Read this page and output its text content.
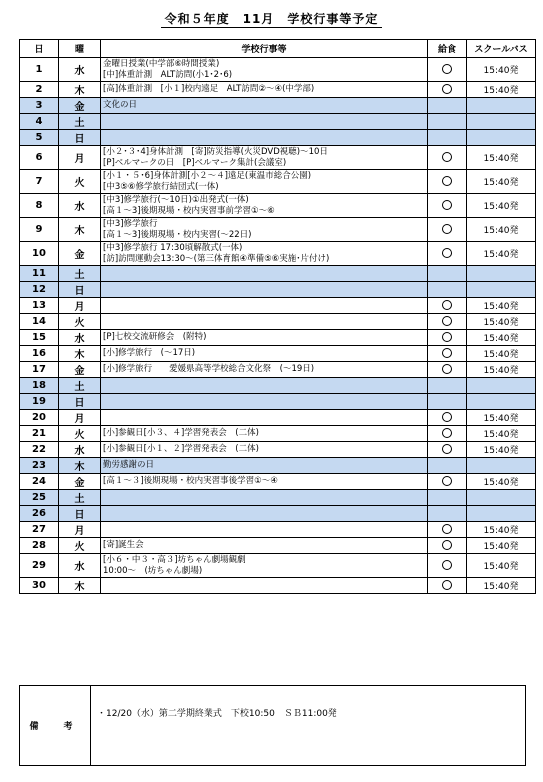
令和５年度　11月　学校行事等予定
日	曜	学校行事等	給食	スクールバス
1	水	金曜日授業(中学部⑥時間授業)
[中]体重計測　ALT訪問(小1･2･6)		15:40発
2	木	[高]体重計測　[小１]校内遠足　ALT訪問②～④(中学部)		15:40発
3	金	文化の日		

4	土			
5	日			
6	月	[小２･３･4]身体計測　[寄]防災指導(火災DVD視聴)～10日
[P]ベルマークの日　[P]ベルマーク集計(会議室)		15:40発
7	火	[小１・５･6]身体計測[小２～４]遠足(東温市総合公園)
[中3⑤⑥修学旅行結団式(一体)		15:40発
8	水	[中3]修学旅行(～10日)①出発式(一体)
[高１～3]後期現場・校内実習事前学習①～⑥		15:40発
9	木	[中3]修学旅行
[高１～3]後期現場・校内実習(～22日)		15:40発
10	金	[中3]修学旅行 17:30頃解散式(一体)
[訪]訪問運動会13:30～(第三体育館④準備⑤⑥実施･片付け)		15:40発
11	土			
12	日			
13	月			15:40発
14	火			15:40発
15	水	[P]七校交流研修会　(附特)		15:40発
16	木	[小]修学旅行　(～17日)		15:40発
17	金	[小]修学旅行　　愛媛県高等学校総合文化祭　(～19日)		15:40発
18	土			
19	日			
20	月			15:40発
21	火	[小]参観日[小３、４]学習発表会　(二体)		15:40発
22	水	[小]参観日[小１、２]学習発表会　(二体)		15:40発
23	木	勤労感謝の日		

24	金	[高１～３]後期現場・校内実習事後学習①～④		15:40発
25	土			
26	日			
27	月			15:40発
28	火	[寄]誕生会		15:40発
29	水	[小６・中３・高３]坊ちゃん劇場観劇
10:00～　(坊ちゃん劇場)		15:40発
30	木			15:40発
備　考	・12/20（水）第二学期終業式　下校10:50　ＳＢ11:00発
